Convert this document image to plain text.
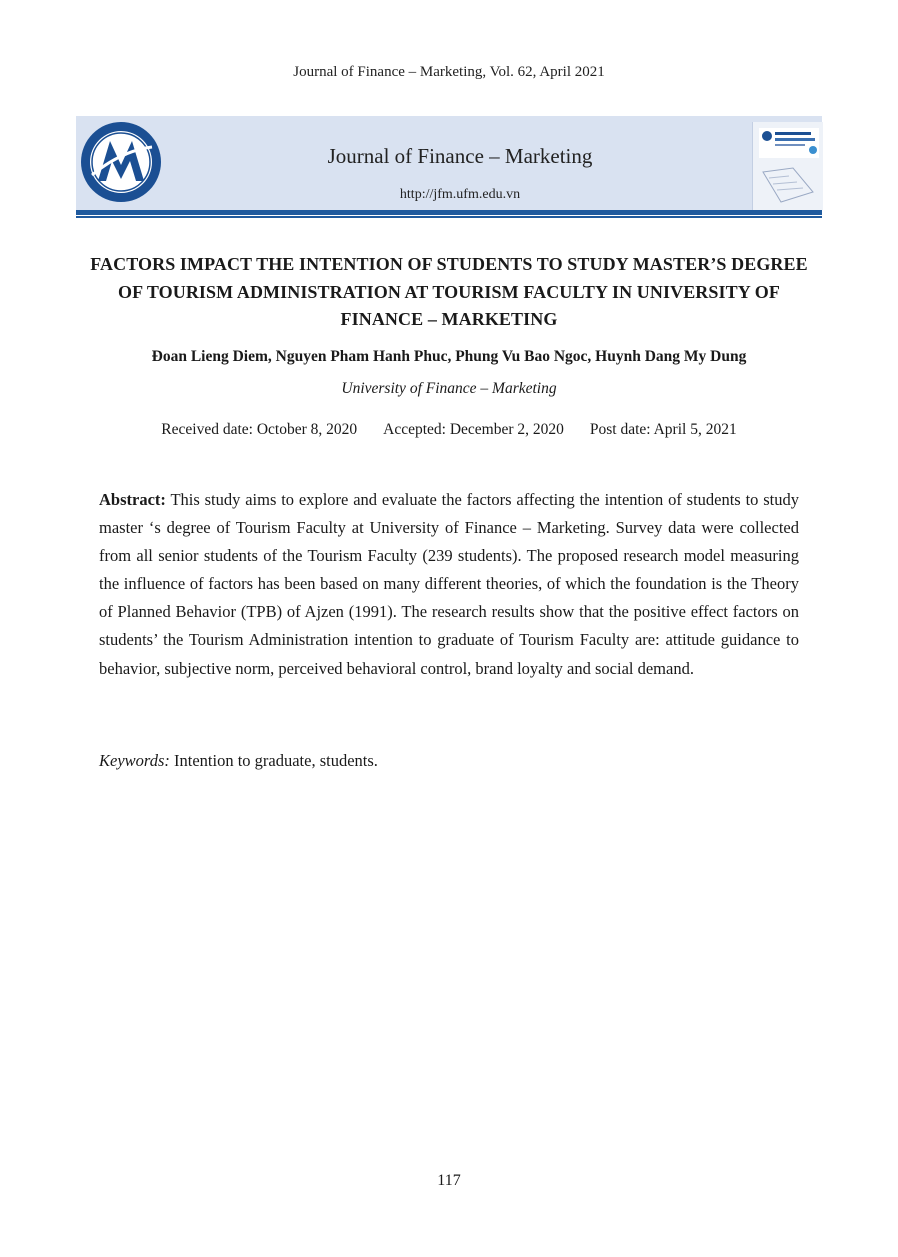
Journal of Finance – Marketing, Vol. 62, April 2021
Journal of Finance – Marketing
http://jfm.ufm.edu.vn
FACTORS IMPACT THE INTENTION OF STUDENTS TO STUDY MASTER’S DEGREE OF TOURISM ADMINISTRATION AT TOURISM FACULTY IN UNIVERSITY OF FINANCE – MARKETING
Đoan Lieng Diem, Nguyen Pham Hanh Phuc, Phung Vu Bao Ngoc, Huynh Dang My Dung
University of Finance – Marketing
Received date: October 8, 2020 Accepted: December 2, 2020 Post date: April 5, 2021
Abstract: This study aims to explore and evaluate the factors affecting the intention of students to study master ‘s degree of Tourism Faculty at University of Finance – Marketing. Survey data were collected from all senior students of the Tourism Faculty (239 students). The proposed research model measuring the influence of factors has been based on many different theories, of which the foundation is the Theory of Planned Behavior (TPB) of Ajzen (1991). The research results show that the positive effect factors on students’ the Tourism Administration intention to graduate of Tourism Faculty are: attitude guidance to behavior, subjective norm, perceived behavioral control, brand loyalty and social demand.
Keywords: Intention to graduate, students.
117
